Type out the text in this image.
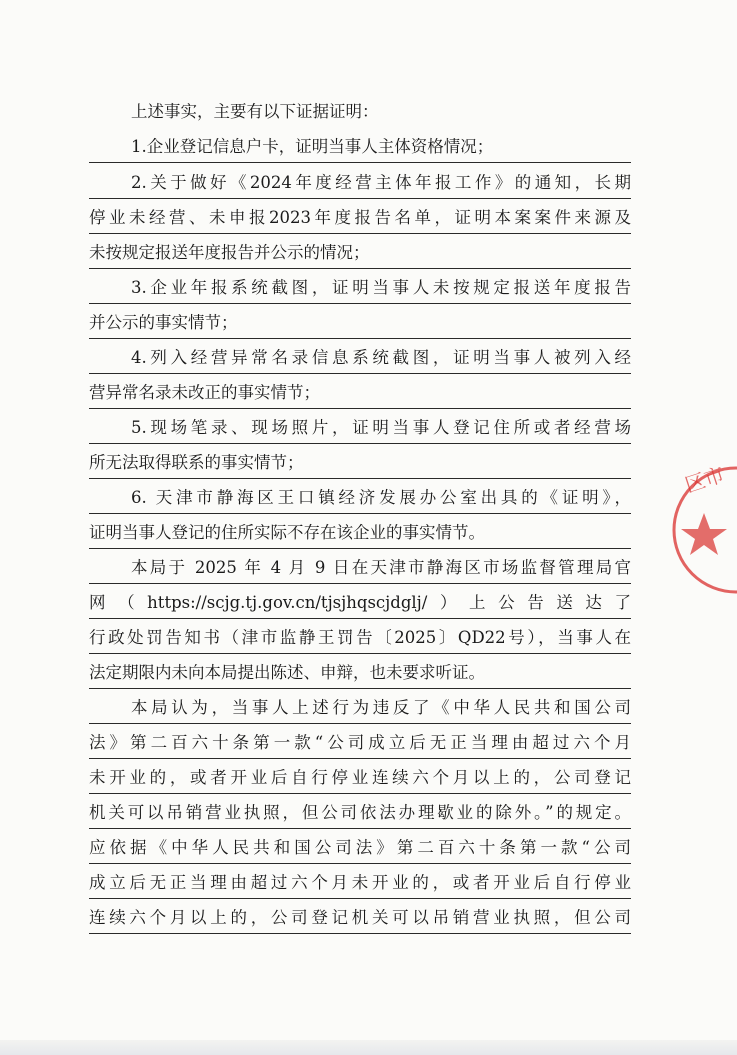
上述事实，主要有以下证据证明：
1.企业登记信息户卡，证明当事人主体资格情况；
2.关于做好《2024年度经营主体年报工作》的通知，长期
停业未经营、未申报2023年度报告名单，证明本案案件来源及
未按规定报送年度报告并公示的情况；
3.企业年报系统截图，证明当事人未按规定报送年度报告
并公示的事实情节；
4.列入经营异常名录信息系统截图，证明当事人被列入经
营异常名录未改正的事实情节；
5.现场笔录、现场照片，证明当事人登记住所或者经营场
所无法取得联系的事实情节；
6. 天津市静海区王口镇经济发展办公室出具的《证明》，
证明当事人登记的住所实际不存在该企业的事实情节。
本局于 2025 年 4 月 9 日在天津市静海区市场监督管理局官
网（https://scjg.tj.gov.cn/tjsjhqscjdglj/）上公告送达了
行政处罚告知书（津市监静王罚告〔2025〕QD22号），当事人在
法定期限内未向本局提出陈述、申辩，也未要求听证。
本局认为，当事人上述行为违反了《中华人民共和国公司
法》第二百六十条第一款“公司成立后无正当理由超过六个月
未开业的，或者开业后自行停业连续六个月以上的，公司登记
机关可以吊销营业执照，但公司依法办理歇业的除外。”的规定。
应依据《中华人民共和国公司法》第二百六十条第一款“公司
成立后无正当理由超过六个月未开业的，或者开业后自行停业
连续六个月以上的，公司登记机关可以吊销营业执照，但公司
区市
